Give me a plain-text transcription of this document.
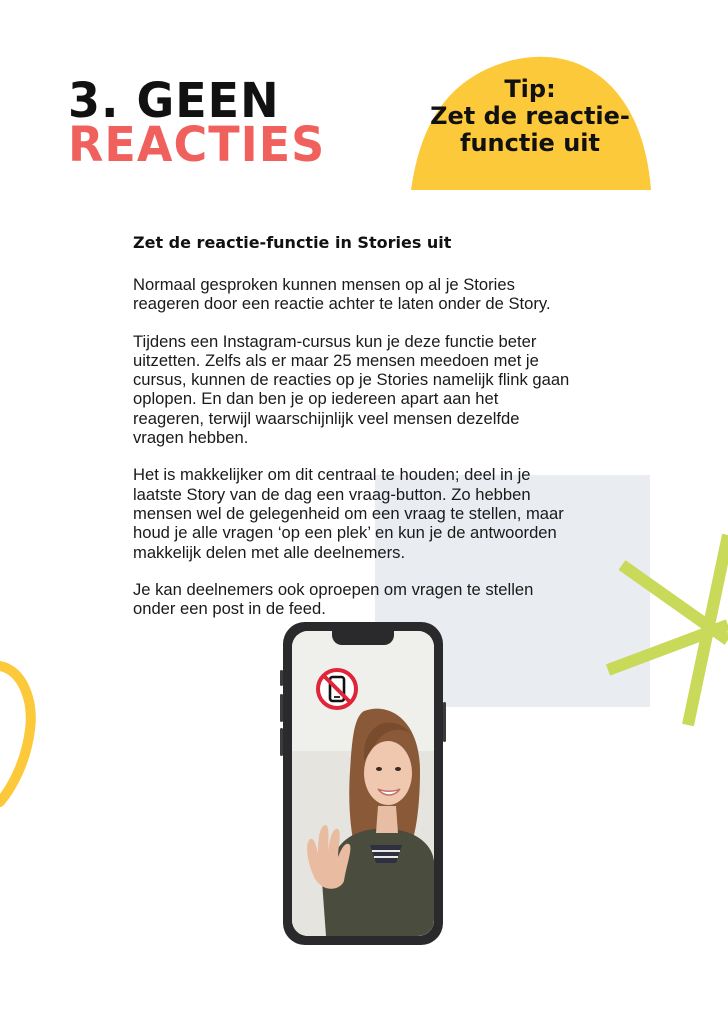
3. GEEN
REACTIES
Tip:
Zet de reactie-
functie uit
Zet de reactie-functie in Stories uit

Normaal gesproken kunnen mensen op al je Stories reageren door een reactie achter te laten onder de Story.

Tijdens een Instagram-cursus kun je deze functie beter uitzetten. Zelfs als er maar 25 mensen meedoen met je cursus, kunnen de reacties op je Stories namelijk flink gaan oplopen. En dan ben je op iedereen apart aan het reageren, terwijl waarschijnlijk veel mensen dezelfde vragen hebben.

Het is makkelijker om dit centraal te houden; deel in je laatste Story van de dag een vraag-button. Zo hebben mensen wel de gelegenheid om een vraag te stellen, maar houd je alle vragen ‘op een plek’ en kun je de antwoorden makkelijk delen met alle deelnemers.

Je kan deelnemers ook oproepen om vragen te stellen onder een post in de feed.
